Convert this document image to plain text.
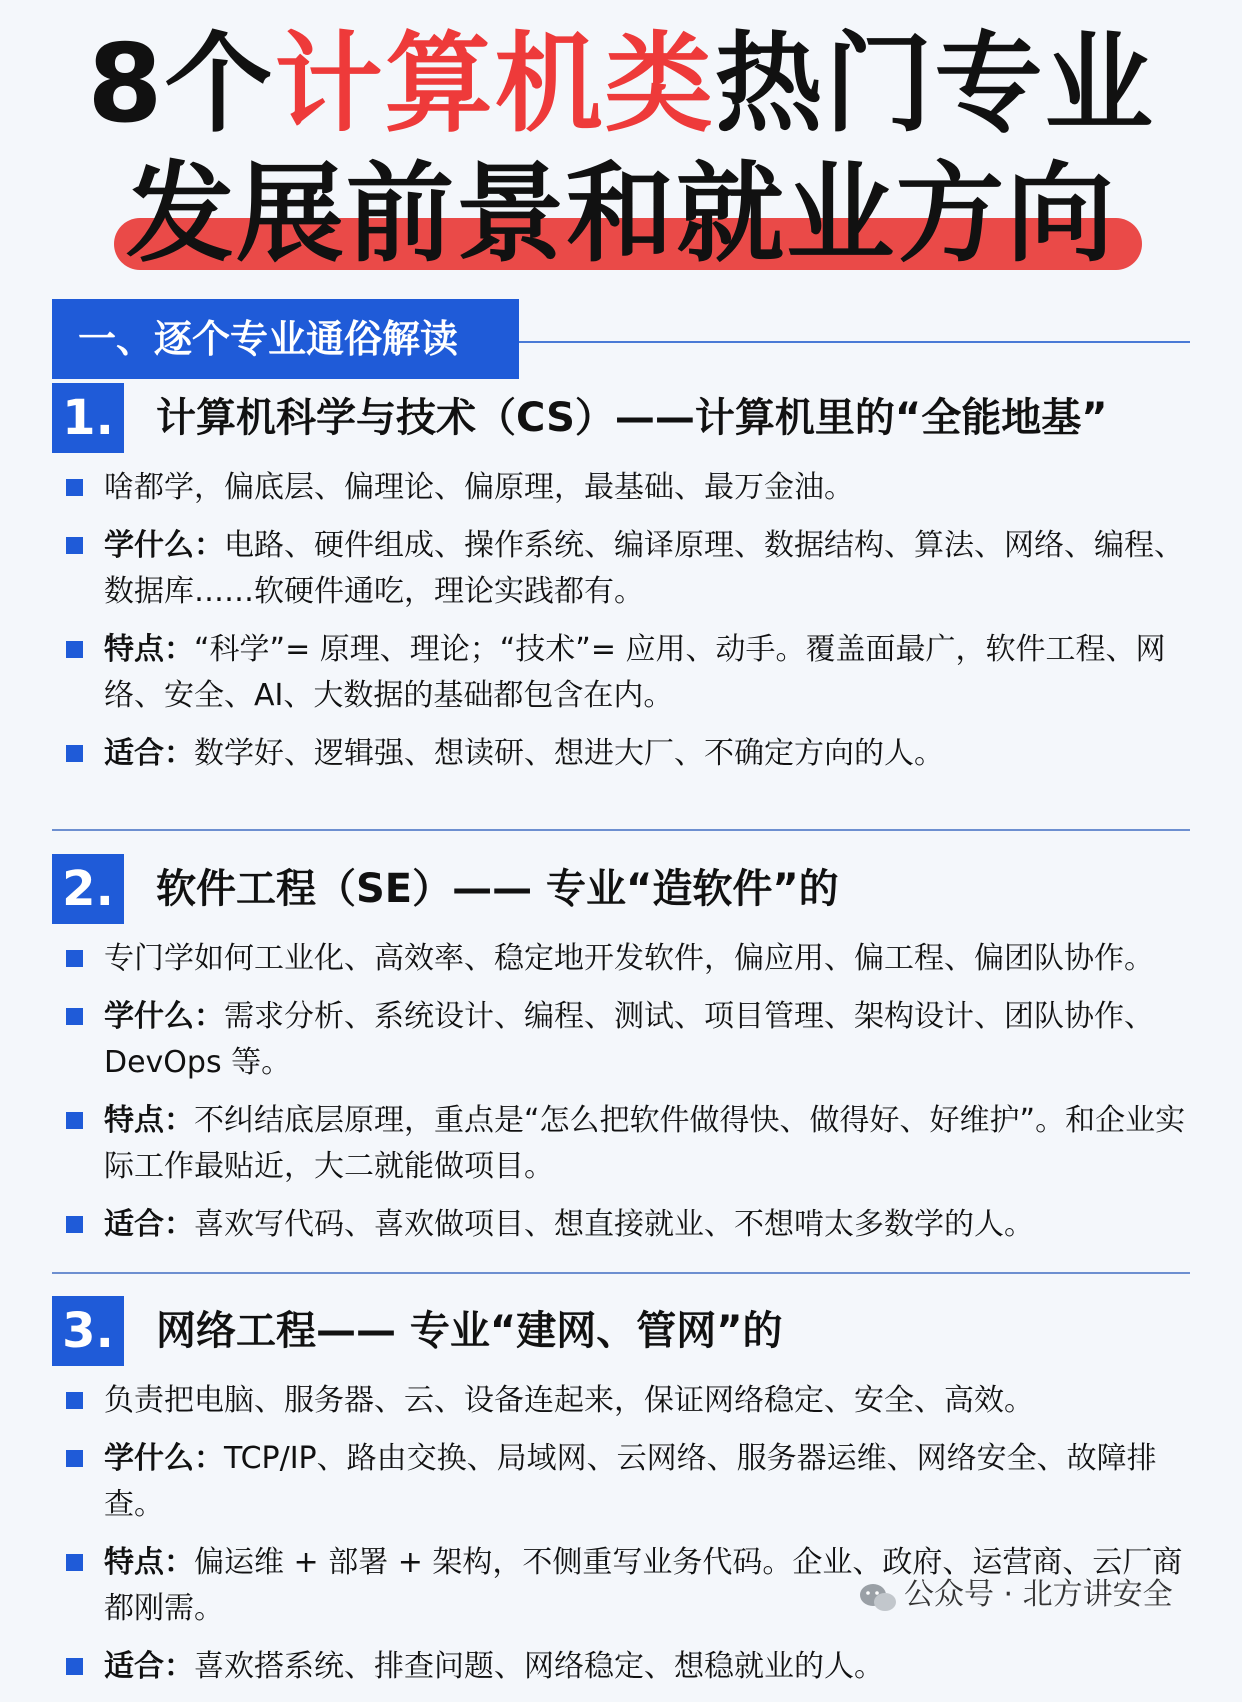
8个计算机类热门专业
发展前景和就业方向
一、逐个专业通俗解读
1. 计算机科学与技术（CS）——计算机里的“全能地基”
啥都学，偏底层、偏理论、偏原理，最基础、最万金油。
学什么：电路、硬件组成、操作系统、编译原理、数据结构、算法、网络、编程、数据库……软硬件通吃，理论实践都有。
特点：“科学”= 原理、理论；“技术”= 应用、动手。覆盖面最广，软件工程、网络、安全、AI、大数据的基础都包含在内。
适合：数学好、逻辑强、想读研、想进大厂、不确定方向的人。
2. 软件工程（SE）—— 专业“造软件”的
专门学如何工业化、高效率、稳定地开发软件，偏应用、偏工程、偏团队协作。
学什么：需求分析、系统设计、编程、测试、项目管理、架构设计、团队协作、DevOps 等。
特点：不纠结底层原理，重点是“怎么把软件做得快、做得好、好维护”。和企业实际工作最贴近，大二就能做项目。
适合：喜欢写代码、喜欢做项目、想直接就业、不想啃太多数学的人。
3. 网络工程—— 专业“建网、管网”的
负责把电脑、服务器、云、设备连起来，保证网络稳定、安全、高效。
学什么：TCP/IP、路由交换、局域网、云网络、服务器运维、网络安全、故障排查。
特点：偏运维 + 部署 + 架构，不侧重写业务代码。企业、政府、运营商、云厂商都刚需。
适合：喜欢搭系统、排查问题、网络稳定、想稳就业的人。
公众号 · 北方讲安全
